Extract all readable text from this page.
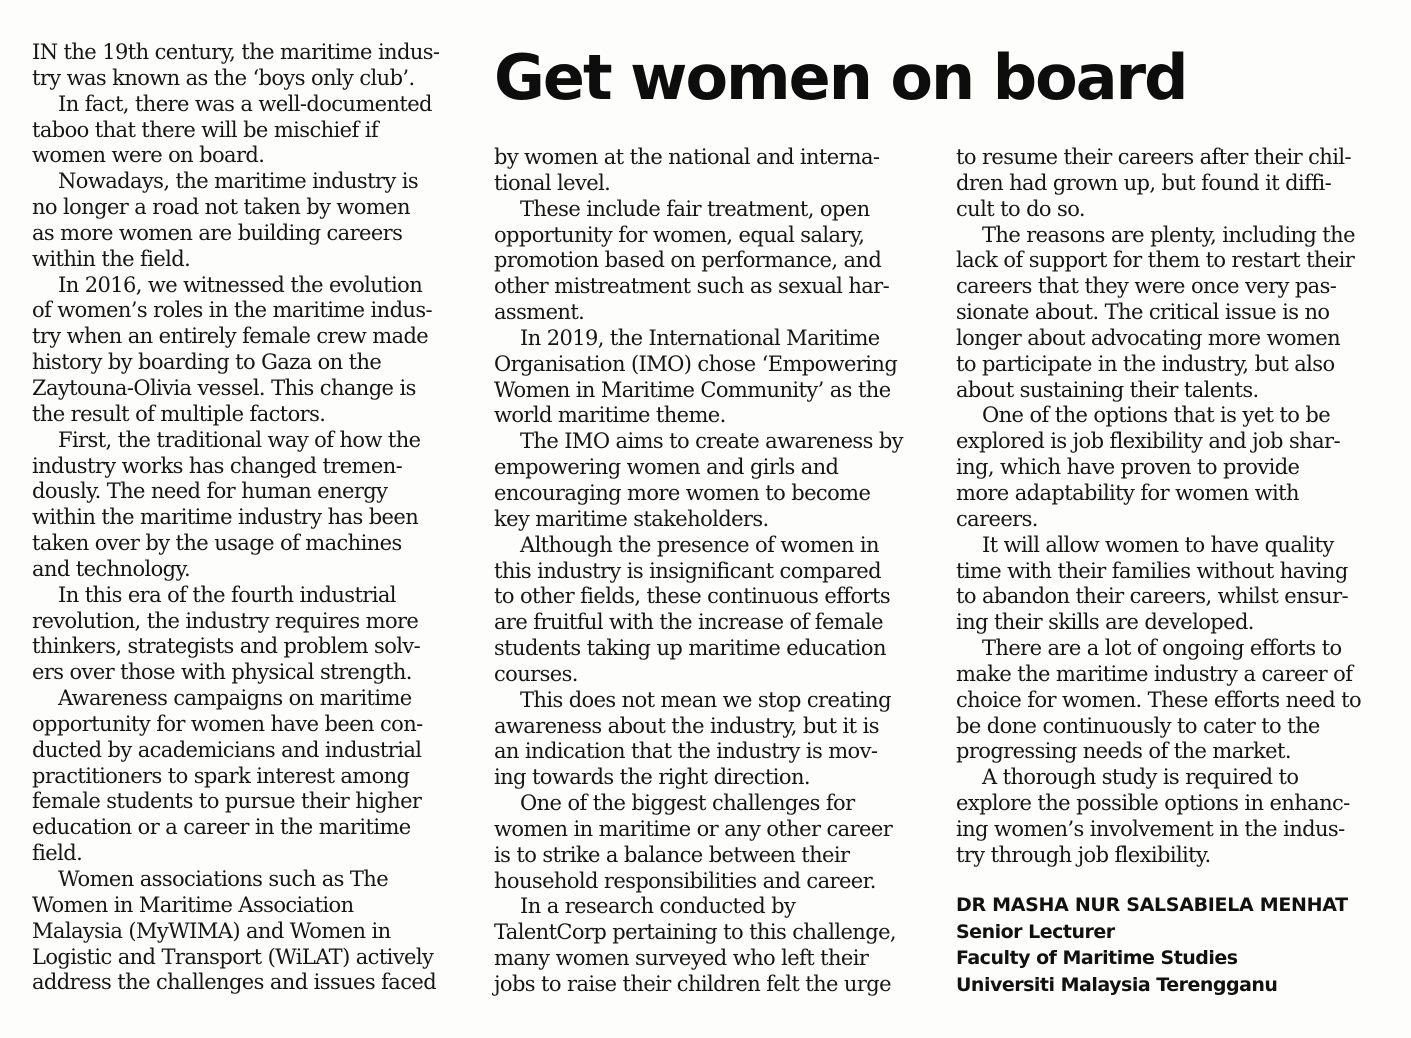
Get women on board
IN the 19th century, the maritime indus-
try was known as the ‘boys only club’.
In fact, there was a well-documented
taboo that there will be mischief if
women were on board.
Nowadays, the maritime industry is
no longer a road not taken by women
as more women are building careers
within the field.
In 2016, we witnessed the evolution
of women’s roles in the maritime indus-
try when an entirely female crew made
history by boarding to Gaza on the
Zaytouna-Olivia vessel. This change is
the result of multiple factors.
First, the traditional way of how the
industry works has changed tremen-
dously. The need for human energy
within the maritime industry has been
taken over by the usage of machines
and technology.
In this era of the fourth industrial
revolution, the industry requires more
thinkers, strategists and problem solv-
ers over those with physical strength.
Awareness campaigns on maritime
opportunity for women have been con-
ducted by academicians and industrial
practitioners to spark interest among
female students to pursue their higher
education or a career in the maritime
field.
Women associations such as The
Women in Maritime Association
Malaysia (MyWIMA) and Women in
Logistic and Transport (WiLAT) actively
address the challenges and issues faced
by women at the national and interna-
tional level.
These include fair treatment, open
opportunity for women, equal salary,
promotion based on performance, and
other mistreatment such as sexual har-
assment.
In 2019, the International Maritime
Organisation (IMO) chose ‘Empowering
Women in Maritime Community’ as the
world maritime theme.
The IMO aims to create awareness by
empowering women and girls and
encouraging more women to become
key maritime stakeholders.
Although the presence of women in
this industry is insignificant compared
to other fields, these continuous efforts
are fruitful with the increase of female
students taking up maritime education
courses.
This does not mean we stop creating
awareness about the industry, but it is
an indication that the industry is mov-
ing towards the right direction.
One of the biggest challenges for
women in maritime or any other career
is to strike a balance between their
household responsibilities and career.
In a research conducted by
TalentCorp pertaining to this challenge,
many women surveyed who left their
jobs to raise their children felt the urge
to resume their careers after their chil-
dren had grown up, but found it diffi-
cult to do so.
The reasons are plenty, including the
lack of support for them to restart their
careers that they were once very pas-
sionate about. The critical issue is no
longer about advocating more women
to participate in the industry, but also
about sustaining their talents.
One of the options that is yet to be
explored is job flexibility and job shar-
ing, which have proven to provide
more adaptability for women with
careers.
It will allow women to have quality
time with their families without having
to abandon their careers, whilst ensur-
ing their skills are developed.
There are a lot of ongoing efforts to
make the maritime industry a career of
choice for women. These efforts need to
be done continuously to cater to the
progressing needs of the market.
A thorough study is required to
explore the possible options in enhanc-
ing women’s involvement in the indus-
try through job flexibility.
DR MASHA NUR SALSABIELA MENHAT
Senior Lecturer
Faculty of Maritime Studies
Universiti Malaysia Terengganu
